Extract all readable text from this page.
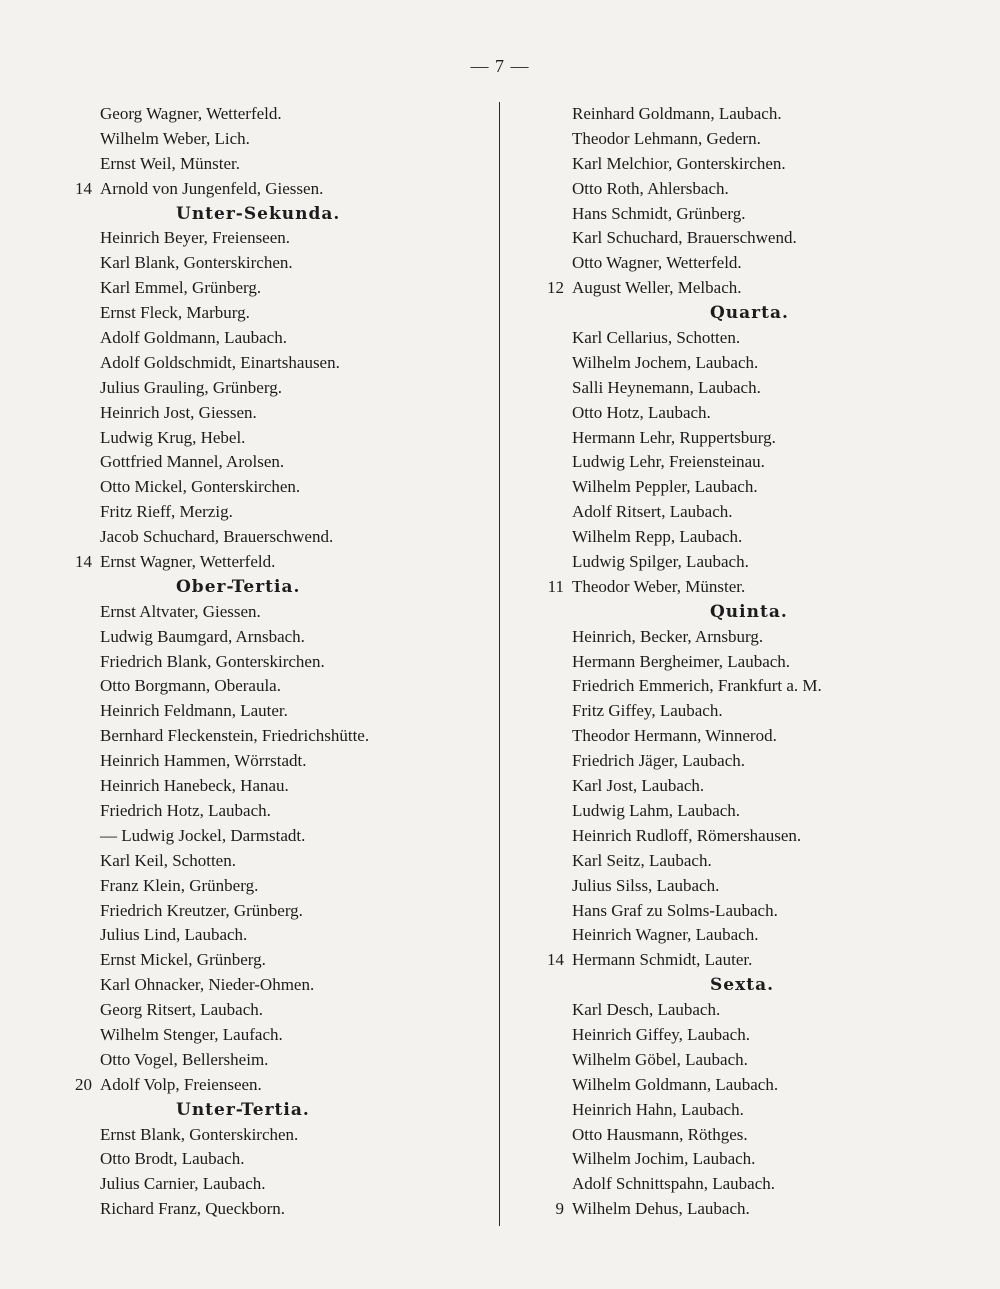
— 7 —
Georg Wagner, Wetterfeld.
Wilhelm Weber, Lich.
Ernst Weil, Münster.
14 Arnold von Jungenfeld, Giessen.
Unter-Sekunda.
Heinrich Beyer, Freienseen.
Karl Blank, Gonterskirchen.
Karl Emmel, Grünberg.
Ernst Fleck, Marburg.
Adolf Goldmann, Laubach.
Adolf Goldschmidt, Einartshausen.
Julius Grauling, Grünberg.
Heinrich Jost, Giessen.
Ludwig Krug, Hebel.
Gottfried Mannel, Arolsen.
Otto Mickel, Gonterskirchen.
Fritz Rieff, Merzig.
Jacob Schuchard, Brauerschwend.
14 Ernst Wagner, Wetterfeld.
Ober-Tertia.
Ernst Altvater, Giessen.
Ludwig Baumgard, Arnsbach.
Friedrich Blank, Gonterskirchen.
Otto Borgmann, Oberaula.
Heinrich Feldmann, Lauter.
Bernhard Fleckenstein, Friedrichshütte.
Heinrich Hammen, Wörrstadt.
Heinrich Hanebeck, Hanau.
Friedrich Hotz, Laubach.
— Ludwig Jockel, Darmstadt.
Karl Keil, Schotten.
Franz Klein, Grünberg.
Friedrich Kreutzer, Grünberg.
Julius Lind, Laubach.
Ernst Mickel, Grünberg.
Karl Ohnacker, Nieder-Ohmen.
Georg Ritsert, Laubach.
Wilhelm Stenger, Laufach.
Otto Vogel, Bellersheim.
20 Adolf Volp, Freienseen.
Unter-Tertia.
Ernst Blank, Gonterskirchen.
Otto Brodt, Laubach.
Julius Carnier, Laubach.
Richard Franz, Queckborn.
Reinhard Goldmann, Laubach.
Theodor Lehmann, Gedern.
Karl Melchior, Gonterskirchen.
Otto Roth, Ahlersbach.
Hans Schmidt, Grünberg.
Karl Schuchard, Brauerschwend.
Otto Wagner, Wetterfeld.
12 August Weller, Melbach.
Quarta.
Karl Cellarius, Schotten.
Wilhelm Jochem, Laubach.
Salli Heynemann, Laubach.
Otto Hotz, Laubach.
Hermann Lehr, Ruppertsburg.
Ludwig Lehr, Freiensteinau.
Wilhelm Peppler, Laubach.
Adolf Ritsert, Laubach.
Wilhelm Repp, Laubach.
Ludwig Spilger, Laubach.
11 Theodor Weber, Münster.
Quinta.
Heinrich, Becker, Arnsburg.
Hermann Bergheimer, Laubach.
Friedrich Emmerich, Frankfurt a. M.
Fritz Giffey, Laubach.
Theodor Hermann, Winnerod.
Friedrich Jäger, Laubach.
Karl Jost, Laubach.
Ludwig Lahm, Laubach.
Heinrich Rudloff, Römershausen.
Karl Seitz, Laubach.
Julius Silss, Laubach.
Hans Graf zu Solms-Laubach.
Heinrich Wagner, Laubach.
14 Hermann Schmidt, Lauter.
Sexta.
Karl Desch, Laubach.
Heinrich Giffey, Laubach.
Wilhelm Göbel, Laubach.
Wilhelm Goldmann, Laubach.
Heinrich Hahn, Laubach.
Otto Hausmann, Röthges.
Wilhelm Jochim, Laubach.
Adolf Schnittspahn, Laubach.
9 Wilhelm Dehus, Laubach.
